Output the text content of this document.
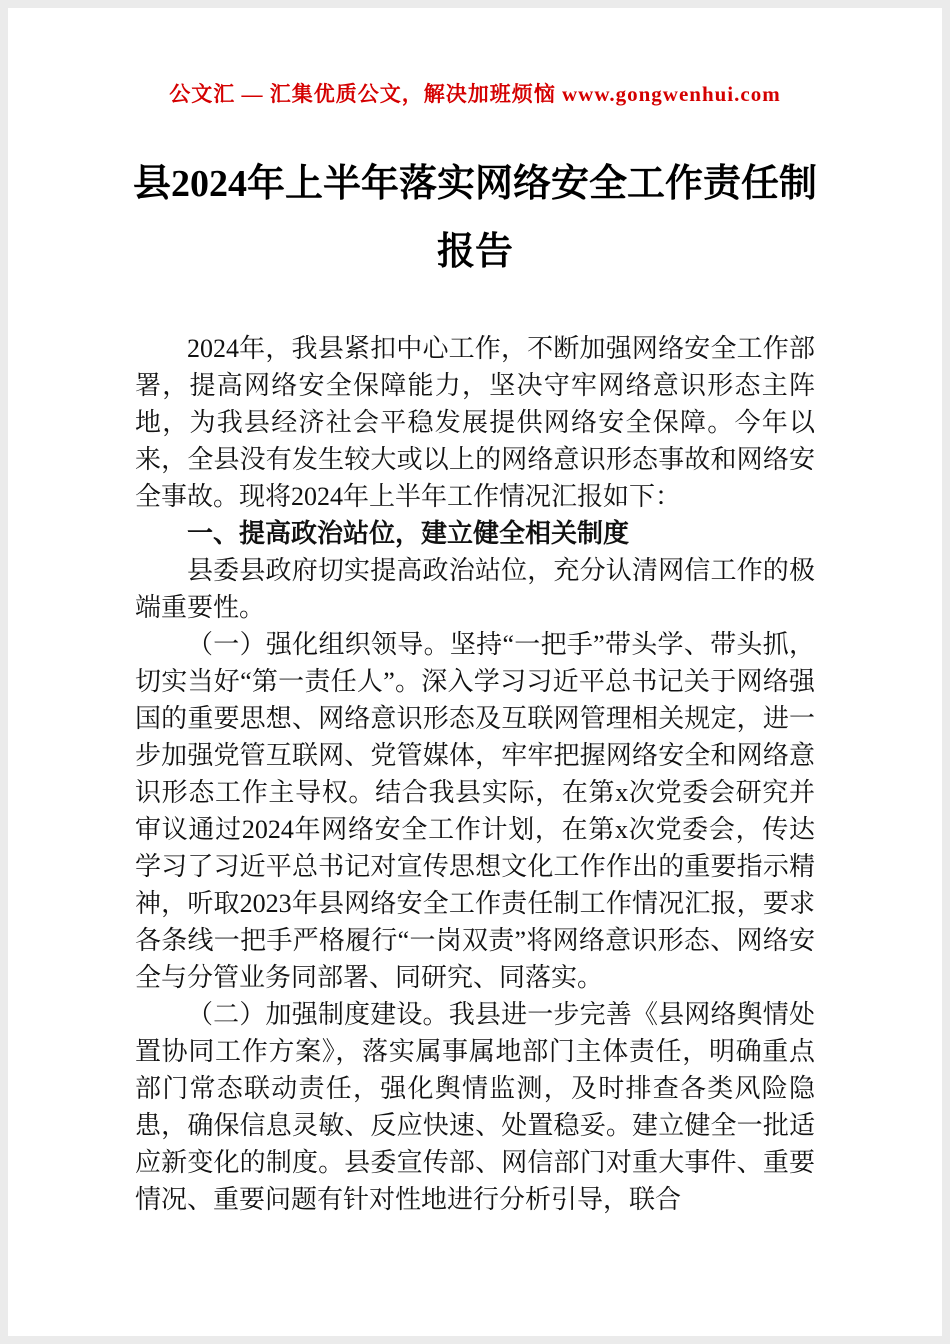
公文汇 — 汇集优质公文，解决加班烦恼 www.gongwenhui.com
县2024年上半年落实网络安全工作责任制
报告

2024年，我县紧扣中心工作，不断加强网络安全工作部署，提高网络安全保障能力，坚决守牢网络意识形态主阵地，为我县经济社会平稳发展提供网络安全保障。今年以来，全县没有发生较大或以上的网络意识形态事故和网络安全事故。现将2024年上半年工作情况汇报如下：

一、提高政治站位，建立健全相关制度

县委县政府切实提高政治站位，充分认清网信工作的极端重要性。

（一）强化组织领导。坚持“一把手”带头学、带头抓，切实当好“第一责任人”。深入学习习近平总书记关于网络强国的重要思想、网络意识形态及互联网管理相关规定，进一步加强党管互联网、党管媒体，牢牢把握网络安全和网络意识形态工作主导权。结合我县实际，在第x次党委会研究并审议通过2024年网络安全工作计划，在第x次党委会，传达学习了习近平总书记对宣传思想文化工作作出的重要指示精神，听取2023年县网络安全工作责任制工作情况汇报，要求各条线一把手严格履行“一岗双责”将网络意识形态、网络安全与分管业务同部署、同研究、同落实。

（二）加强制度建设。我县进一步完善《县网络舆情处置协同工作方案》，落实属事属地部门主体责任，明确重点部门常态联动责任，强化舆情监测，及时排查各类风险隐患，确保信息灵敏、反应快速、处置稳妥。建立健全一批适应新变化的制度。县委宣传部、网信部门对重大事件、重要情况、重要问题有针对性地进行分析引导，联合
